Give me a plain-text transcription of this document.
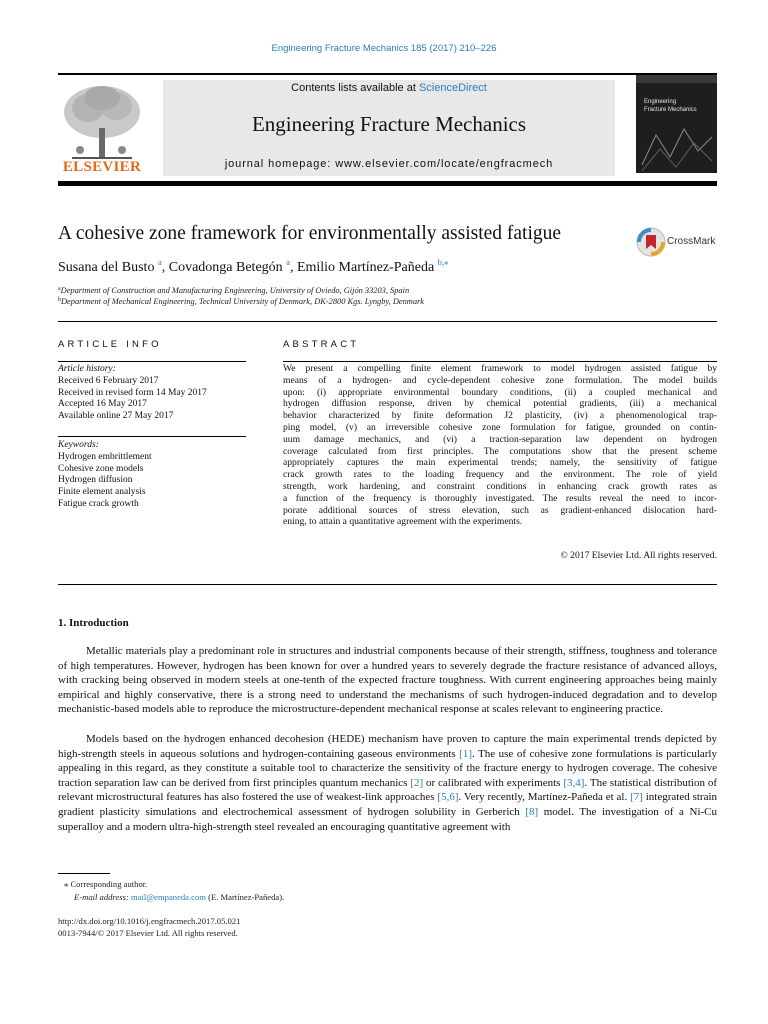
Engineering Fracture Mechanics 185 (2017) 210–226
ELSEVIER
Contents lists available at ScienceDirect
Engineering Fracture Mechanics
journal homepage: www.elsevier.com/locate/engfracmech
Engineering
Fracture Mechanics
A cohesive zone framework for environmentally assisted fatigue	CrossMark
Susana del Busto $^a$, Covadonga Betegón $^a$, Emilio Martínez-Pañeda $^{b,⁎}$
$^a$Department of Construction and Manufacturing Engineering, University of Oviedo, Gijón 33203, Spain
$^b$Department of Mechanical Engineering, Technical University of Denmark, DK-2800 Kgs. Lyngby, Denmark
ARTICLE INFO
Article history:
Received 6 February 2017
Received in revised form 14 May 2017
Accepted 16 May 2017
Available online 27 May 2017
Keywords:
Hydrogen embrittlement
Cohesive zone models
Hydrogen diffusion
Finite element analysis
Fatigue crack growth
ABSTRACT
We present a compelling finite element framework to model hydrogen assisted fatigue by
means of a hydrogen- and cycle-dependent cohesive zone formulation. The model builds
upon: (i) appropriate environmental boundary conditions, (ii) a coupled mechanical and
hydrogen diffusion response, driven by chemical potential gradients, (iii) a mechanical
behavior characterized by finite deformation J2 plasticity, (iv) a phenomenological trap-
ping model, (v) an irreversible cohesive zone formulation for fatigue, grounded on contin-
uum damage mechanics, and (vi) a traction-separation law dependent on hydrogen
coverage calculated from first principles. The computations show that the present scheme
appropriately captures the main experimental trends; namely, the sensitivity of fatigue
crack growth rates to the loading frequency and the environment. The role of yield
strength, work hardening, and constraint conditions in enhancing crack growth rates as
a function of the frequency is thoroughly investigated. The results reveal the need to incor-
porate additional sources of stress elevation, such as gradient-enhanced dislocation hard-
ening, to attain a quantitative agreement with the experiments.
© 2017 Elsevier Ltd. All rights reserved.
1. Introduction
Metallic materials play a predominant role in structures and industrial components because of their strength, stiffness, toughness and tolerance of high temperatures. However, hydrogen has been known for over a hundred years to severely degrade the fracture resistance of advanced alloys, with cracking being observed in modern steels at one-tenth of the expected fracture toughness. With current engineering approaches being mainly empirical and highly conservative, there is a strong need to understand the mechanisms of such hydrogen-induced degradation and to develop mechanistic-based models able to reproduce the microstructure-dependent mechanical response at scales relevant to engineering practice.
Models based on the hydrogen enhanced decohesion (HEDE) mechanism have proven to capture the main experimental trends depicted by high-strength steels in aqueous solutions and hydrogen-containing gaseous environments [1]. The use of cohesive zone formulations is particularly appealing in this regard, as they constitute a suitable tool to characterize the sensitivity of the fracture energy to hydrogen coverage. The cohesive traction separation law can be derived from first principles quantum mechanics [2] or calibrated with experiments [3,4]. The statistical distribution of relevant microstructural features has also fostered the use of weakest-link approaches [5,6]. Very recently, Martínez-Pañeda et al. [7] integrated strain gradient plasticity simulations and electrochemical assessment of hydrogen solubility in Gerberich [8] model. The investigation of a Ni-Cu superalloy and a modern ultra-high-strength steel revealed an encouraging quantitative agreement with
⁎ Corresponding author.
E-mail address: mail@empaneda.com (E. Martínez-Pañeda).
http://dx.doi.org/10.1016/j.engfracmech.2017.05.021
0013-7944/© 2017 Elsevier Ltd. All rights reserved.
